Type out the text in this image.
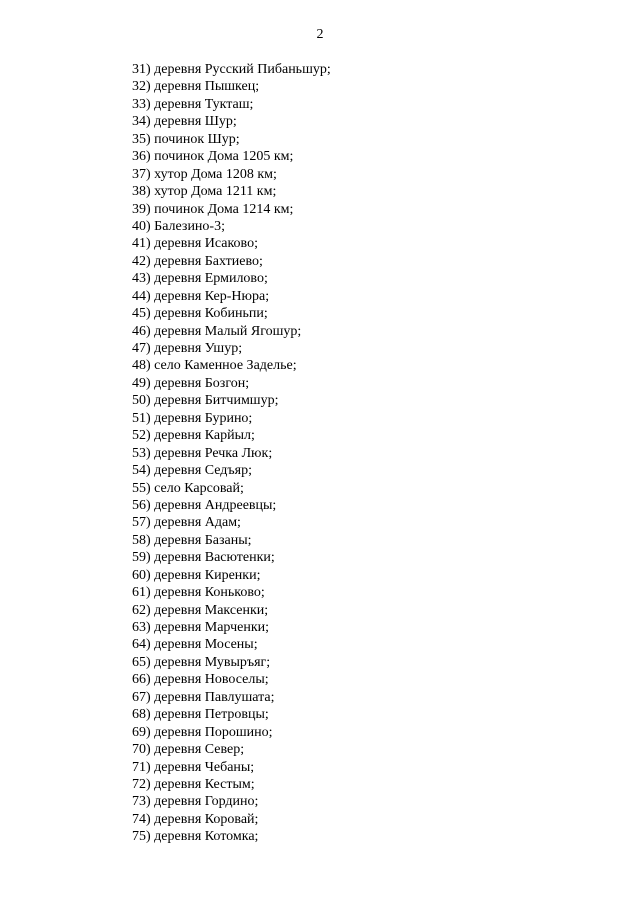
2
31) деревня Русский Пибаньшур;
32) деревня Пышкец;
33) деревня Тукташ;
34) деревня Шур;
35) починок Шур;
36) починок Дома 1205 км;
37) хутор Дома 1208 км;
38) хутор Дома 1211 км;
39) починок Дома 1214 км;
40) Балезино-3;
41) деревня Исаково;
42) деревня Бахтиево;
43) деревня Ермилово;
44) деревня Кер-Нюра;
45) деревня Кобиньпи;
46) деревня Малый Ягошур;
47) деревня Ушур;
48) село Каменное Заделье;
49) деревня Бозгон;
50) деревня Битчимшур;
51) деревня Бурино;
52) деревня Карйыл;
53) деревня Речка Люк;
54) деревня Седъяр;
55) село Карсовай;
56) деревня Андреевцы;
57) деревня Адам;
58) деревня Базаны;
59) деревня Васютенки;
60) деревня Киренки;
61) деревня Коньково;
62) деревня Максенки;
63) деревня Марченки;
64) деревня Мосены;
65) деревня Мувыръяг;
66) деревня Новоселы;
67) деревня Павлушата;
68) деревня Петровцы;
69) деревня Порошино;
70) деревня Север;
71) деревня Чебаны;
72) деревня Кестым;
73) деревня Гордино;
74) деревня Коровай;
75) деревня Котомка;
